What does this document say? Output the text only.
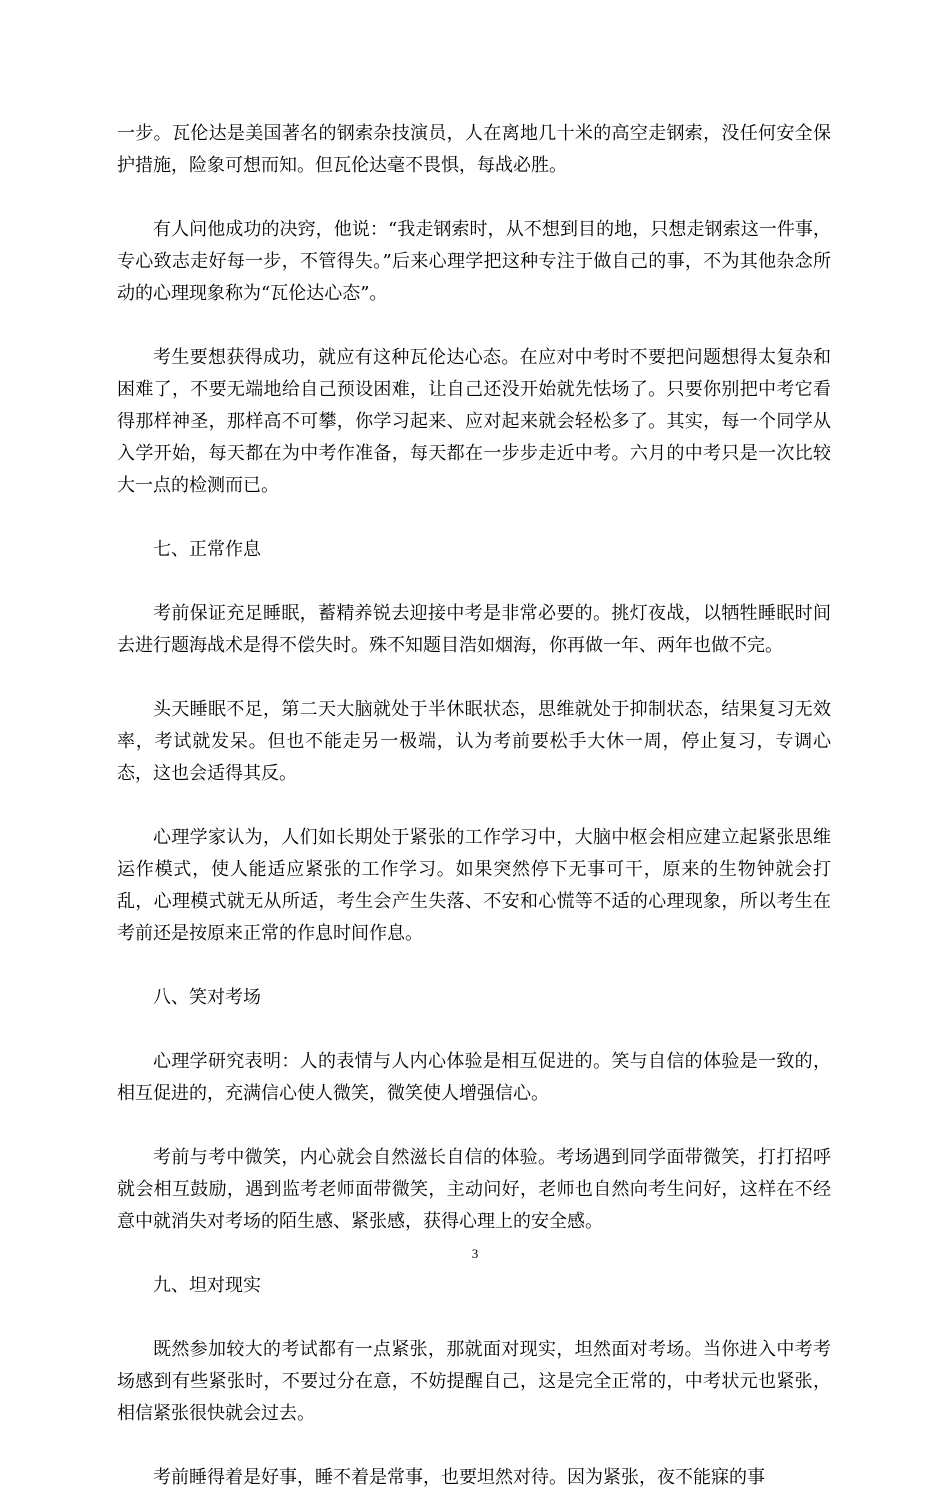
一步。瓦伦达是美国著名的钢索杂技演员，人在离地几十米的高空走钢索，没任何安全保护措施，险象可想而知。但瓦伦达毫不畏惧，每战必胜。

有人问他成功的决窍，他说：“我走钢索时，从不想到目的地，只想走钢索这一件事，专心致志走好每一步，不管得失。”后来心理学把这种专注于做自己的事，不为其他杂念所动的心理现象称为“瓦伦达心态”。

考生要想获得成功，就应有这种瓦伦达心态。在应对中考时不要把问题想得太复杂和困难了，不要无端地给自己预设困难，让自己还没开始就先怯场了。只要你别把中考它看得那样神圣，那样高不可攀，你学习起来、应对起来就会轻松多了。其实，每一个同学从入学开始，每天都在为中考作准备，每天都在一步步走近中考。六月的中考只是一次比较大一点的检测而已。

七、正常作息

考前保证充足睡眠，蓄精养锐去迎接中考是非常必要的。挑灯夜战，以牺牲睡眠时间去进行题海战术是得不偿失时。殊不知题目浩如烟海，你再做一年、两年也做不完。

头天睡眠不足，第二天大脑就处于半休眠状态，思维就处于抑制状态，结果复习无效率，考试就发呆。但也不能走另一极端，认为考前要松手大休一周，停止复习，专调心态，这也会适得其反。

心理学家认为，人们如长期处于紧张的工作学习中，大脑中枢会相应建立起紧张思维运作模式，使人能适应紧张的工作学习。如果突然停下无事可干，原来的生物钟就会打乱，心理模式就无从所适，考生会产生失落、不安和心慌等不适的心理现象，所以考生在考前还是按原来正常的作息时间作息。

八、笑对考场

心理学研究表明：人的表情与人内心体验是相互促进的。笑与自信的体验是一致的，相互促进的，充满信心使人微笑，微笑使人增强信心。

考前与考中微笑，内心就会自然滋长自信的体验。考场遇到同学面带微笑，打打招呼就会相互鼓励，遇到监考老师面带微笑，主动问好，老师也自然向考生问好，这样在不经意中就消失对考场的陌生感、紧张感，获得心理上的安全感。

九、坦对现实

既然参加较大的考试都有一点紧张，那就面对现实，坦然面对考场。当你进入中考考场感到有些紧张时，不要过分在意，不妨提醒自己，这是完全正常的，中考状元也紧张，相信紧张很快就会过去。

考前睡得着是好事，睡不着是常事，也要坦然对待。因为紧张，夜不能寐的事

3
